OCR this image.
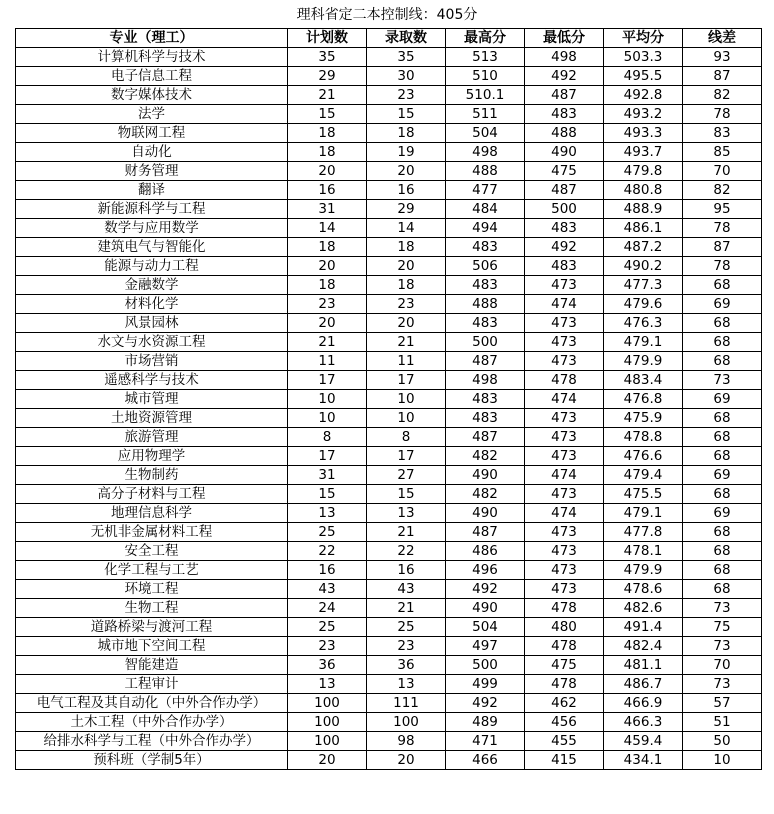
理科省定二本控制线：405分
专业（理工）	计划数	录取数	最高分	最低分	平均分	线差
计算机科学与技术	35	35	513	498	503.3	93
电子信息工程	29	30	510	492	495.5	87
数字媒体技术	21	23	510.1	487	492.8	82
法学	15	15	511	483	493.2	78
物联网工程	18	18	504	488	493.3	83
自动化	18	19	498	490	493.7	85
财务管理	20	20	488	475	479.8	70
翻译	16	16	477	487	480.8	82
新能源科学与工程	31	29	484	500	488.9	95
数学与应用数学	14	14	494	483	486.1	78
建筑电气与智能化	18	18	483	492	487.2	87
能源与动力工程	20	20	506	483	490.2	78
金融数学	18	18	483	473	477.3	68
材料化学	23	23	488	474	479.6	69
风景园林	20	20	483	473	476.3	68
水文与水资源工程	21	21	500	473	479.1	68
市场营销	11	11	487	473	479.9	68
遥感科学与技术	17	17	498	478	483.4	73
城市管理	10	10	483	474	476.8	69
土地资源管理	10	10	483	473	475.9	68
旅游管理	8	8	487	473	478.8	68
应用物理学	17	17	482	473	476.6	68
生物制药	31	27	490	474	479.4	69
高分子材料与工程	15	15	482	473	475.5	68
地理信息科学	13	13	490	474	479.1	69
无机非金属材料工程	25	21	487	473	477.8	68
安全工程	22	22	486	473	478.1	68
化学工程与工艺	16	16	496	473	479.9	68
环境工程	43	43	492	473	478.6	68
生物工程	24	21	490	478	482.6	73
道路桥梁与渡河工程	25	25	504	480	491.4	75
城市地下空间工程	23	23	497	478	482.4	73
智能建造	36	36	500	475	481.1	70
工程审计	13	13	499	478	486.7	73
电气工程及其自动化（中外合作办学）	100	111	492	462	466.9	57
土木工程（中外合作办学）	100	100	489	456	466.3	51
给排水科学与工程（中外合作办学）	100	98	471	455	459.4	50
预科班（学制5年）	20	20	466	415	434.1	10
